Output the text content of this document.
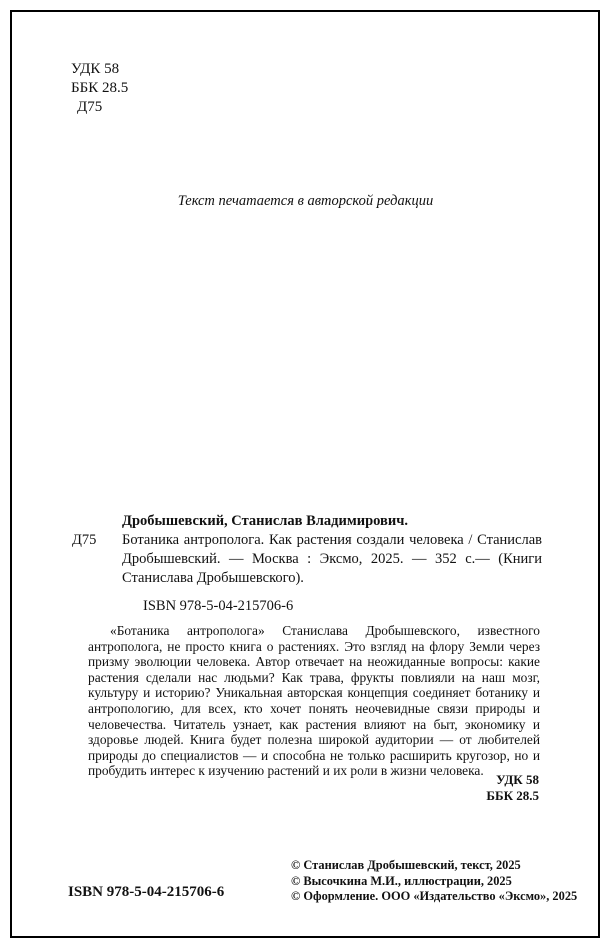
УДК 58
ББК 28.5
Д75
Текст печатается в авторской редакции
Д75
Дробышевский, Станислав Владимирович.
Ботаника антрополога. Как растения создали человека / Станислав Дробышевский. — Москва : Эксмо, 2025. — 352 с.— (Книги Станислава Дробышевского).
ISBN 978-5-04-215706-6
«Ботаника антрополога» Станислава Дробышевского, известного антрополога, не просто книга о растениях. Это взгляд на флору Земли через призму эволюции человека. Автор отвечает на неожиданные вопросы: какие растения сделали нас людьми? Как трава, фрукты повлияли на наш мозг, культуру и историю? Уникальная авторская концепция соединяет ботанику и антропологию, для всех, кто хочет понять неочевидные связи природы и человечества. Читатель узнает, как растения влияют на быт, экономику и здоровье людей. Книга будет полезна широкой аудитории — от любителей природы до специалистов — и способна не только расширить кругозор, но и пробудить интерес к изучению растений и их роли в жизни человека.
УДК 58
ББК 28.5
ISBN 978-5-04-215706-6
© Станислав Дробышевский, текст, 2025
© Высочкина М.И., иллюстрации, 2025
© Оформление. ООО «Издательство «Эксмо», 2025
